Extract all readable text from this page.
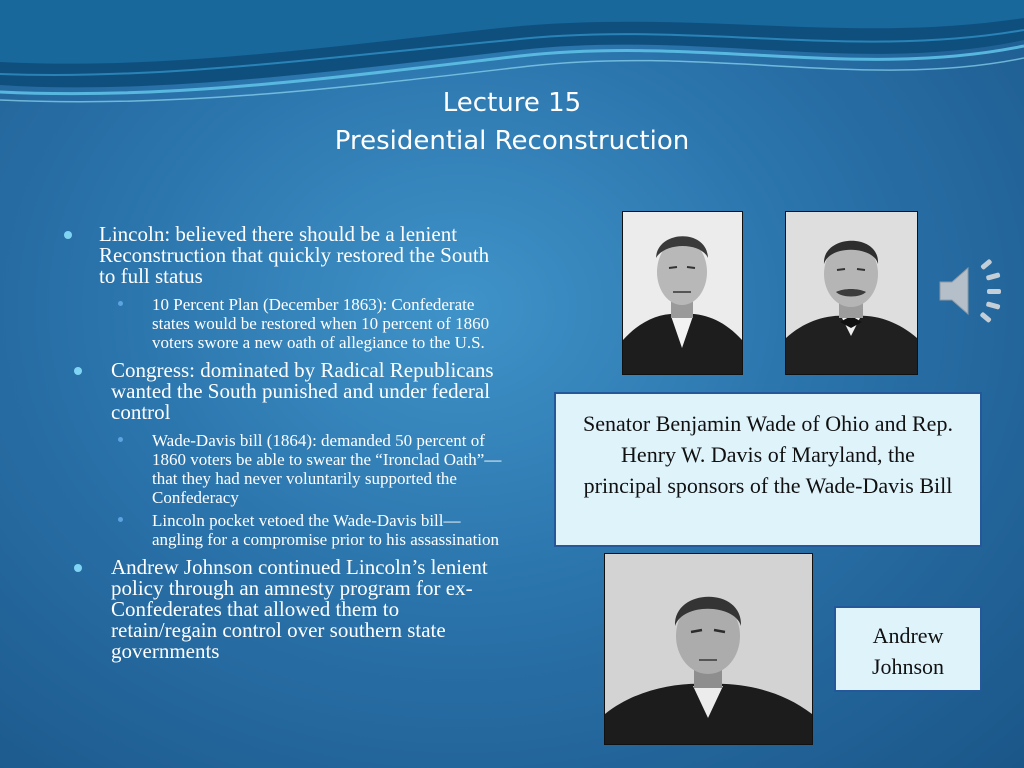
Lecture 15
Presidential Reconstruction
Lincoln: believed there should be a lenient Reconstruction that quickly restored the South to full status
10 Percent Plan (December 1863): Confederate states would be restored when 10 percent of 1860 voters swore a new oath of allegiance to the U.S.
Congress: dominated by Radical Republicans wanted the South punished and under federal control
Wade-Davis bill (1864): demanded 50 percent of 1860 voters be able to swear the “Ironclad Oath”—that they had never voluntarily supported the Confederacy
Lincoln pocket vetoed the Wade-Davis bill—angling for a compromise prior to his assassination
Andrew Johnson continued Lincoln’s lenient policy through an amnesty program for ex-Confederates that allowed them to retain/regain control over southern state governments
Senator Benjamin Wade of Ohio and Rep. Henry W. Davis of Maryland, the principal sponsors of the Wade-Davis Bill
Andrew Johnson
